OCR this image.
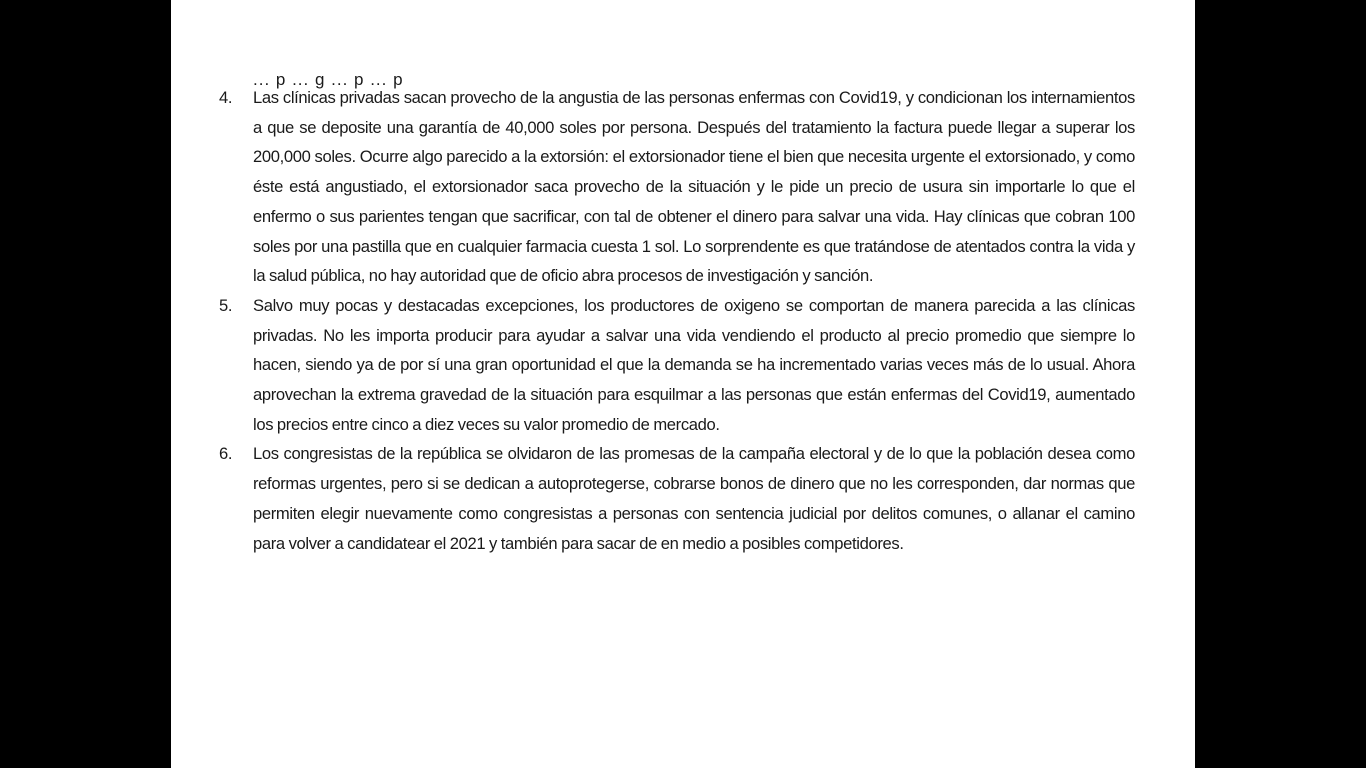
... p ... g ... p ... p
4.	Las clínicas privadas sacan provecho de la angustia de las personas enfermas con Covid19, y condicionan los internamientos a que se deposite una garantía de 40,000 soles por persona. Después del tratamiento la factura puede llegar a superar los 200,000 soles. Ocurre algo parecido a la extorsión: el extorsionador tiene el bien que necesita urgente el extorsionado, y como éste está angustiado, el extorsionador saca provecho de la situación y le pide un precio de usura sin importarle lo que el enfermo o sus parientes tengan que sacrificar, con tal de obtener el dinero para salvar una vida. Hay clínicas que cobran 100 soles por una pastilla que en cualquier farmacia cuesta 1 sol. Lo sorprendente es que tratándose de atentados contra la vida y la salud pública, no hay autoridad que de oficio abra procesos de investigación y sanción.
5.	Salvo muy pocas y destacadas excepciones, los productores de oxigeno se comportan de manera parecida a las clínicas privadas. No les importa producir para ayudar a salvar una vida vendiendo el producto al precio promedio que siempre lo hacen, siendo ya de por sí una gran oportunidad el que la demanda se ha incrementado varias veces más de lo usual. Ahora aprovechan la extrema gravedad de la situación para esquilmar a las personas que están enfermas del Covid19, aumentado los precios entre cinco a diez veces su valor promedio de mercado.
6.	Los congresistas de la república se olvidaron de las promesas de la campaña electoral y de lo que la población desea como reformas urgentes, pero si se dedican a autoprotegerse, cobrarse bonos de dinero que no les corresponden, dar normas que permiten elegir nuevamente como congresistas a personas con sentencia judicial por delitos comunes, o allanar el camino para volver a candidatear el 2021 y también para sacar de en medio a posibles competidores.
